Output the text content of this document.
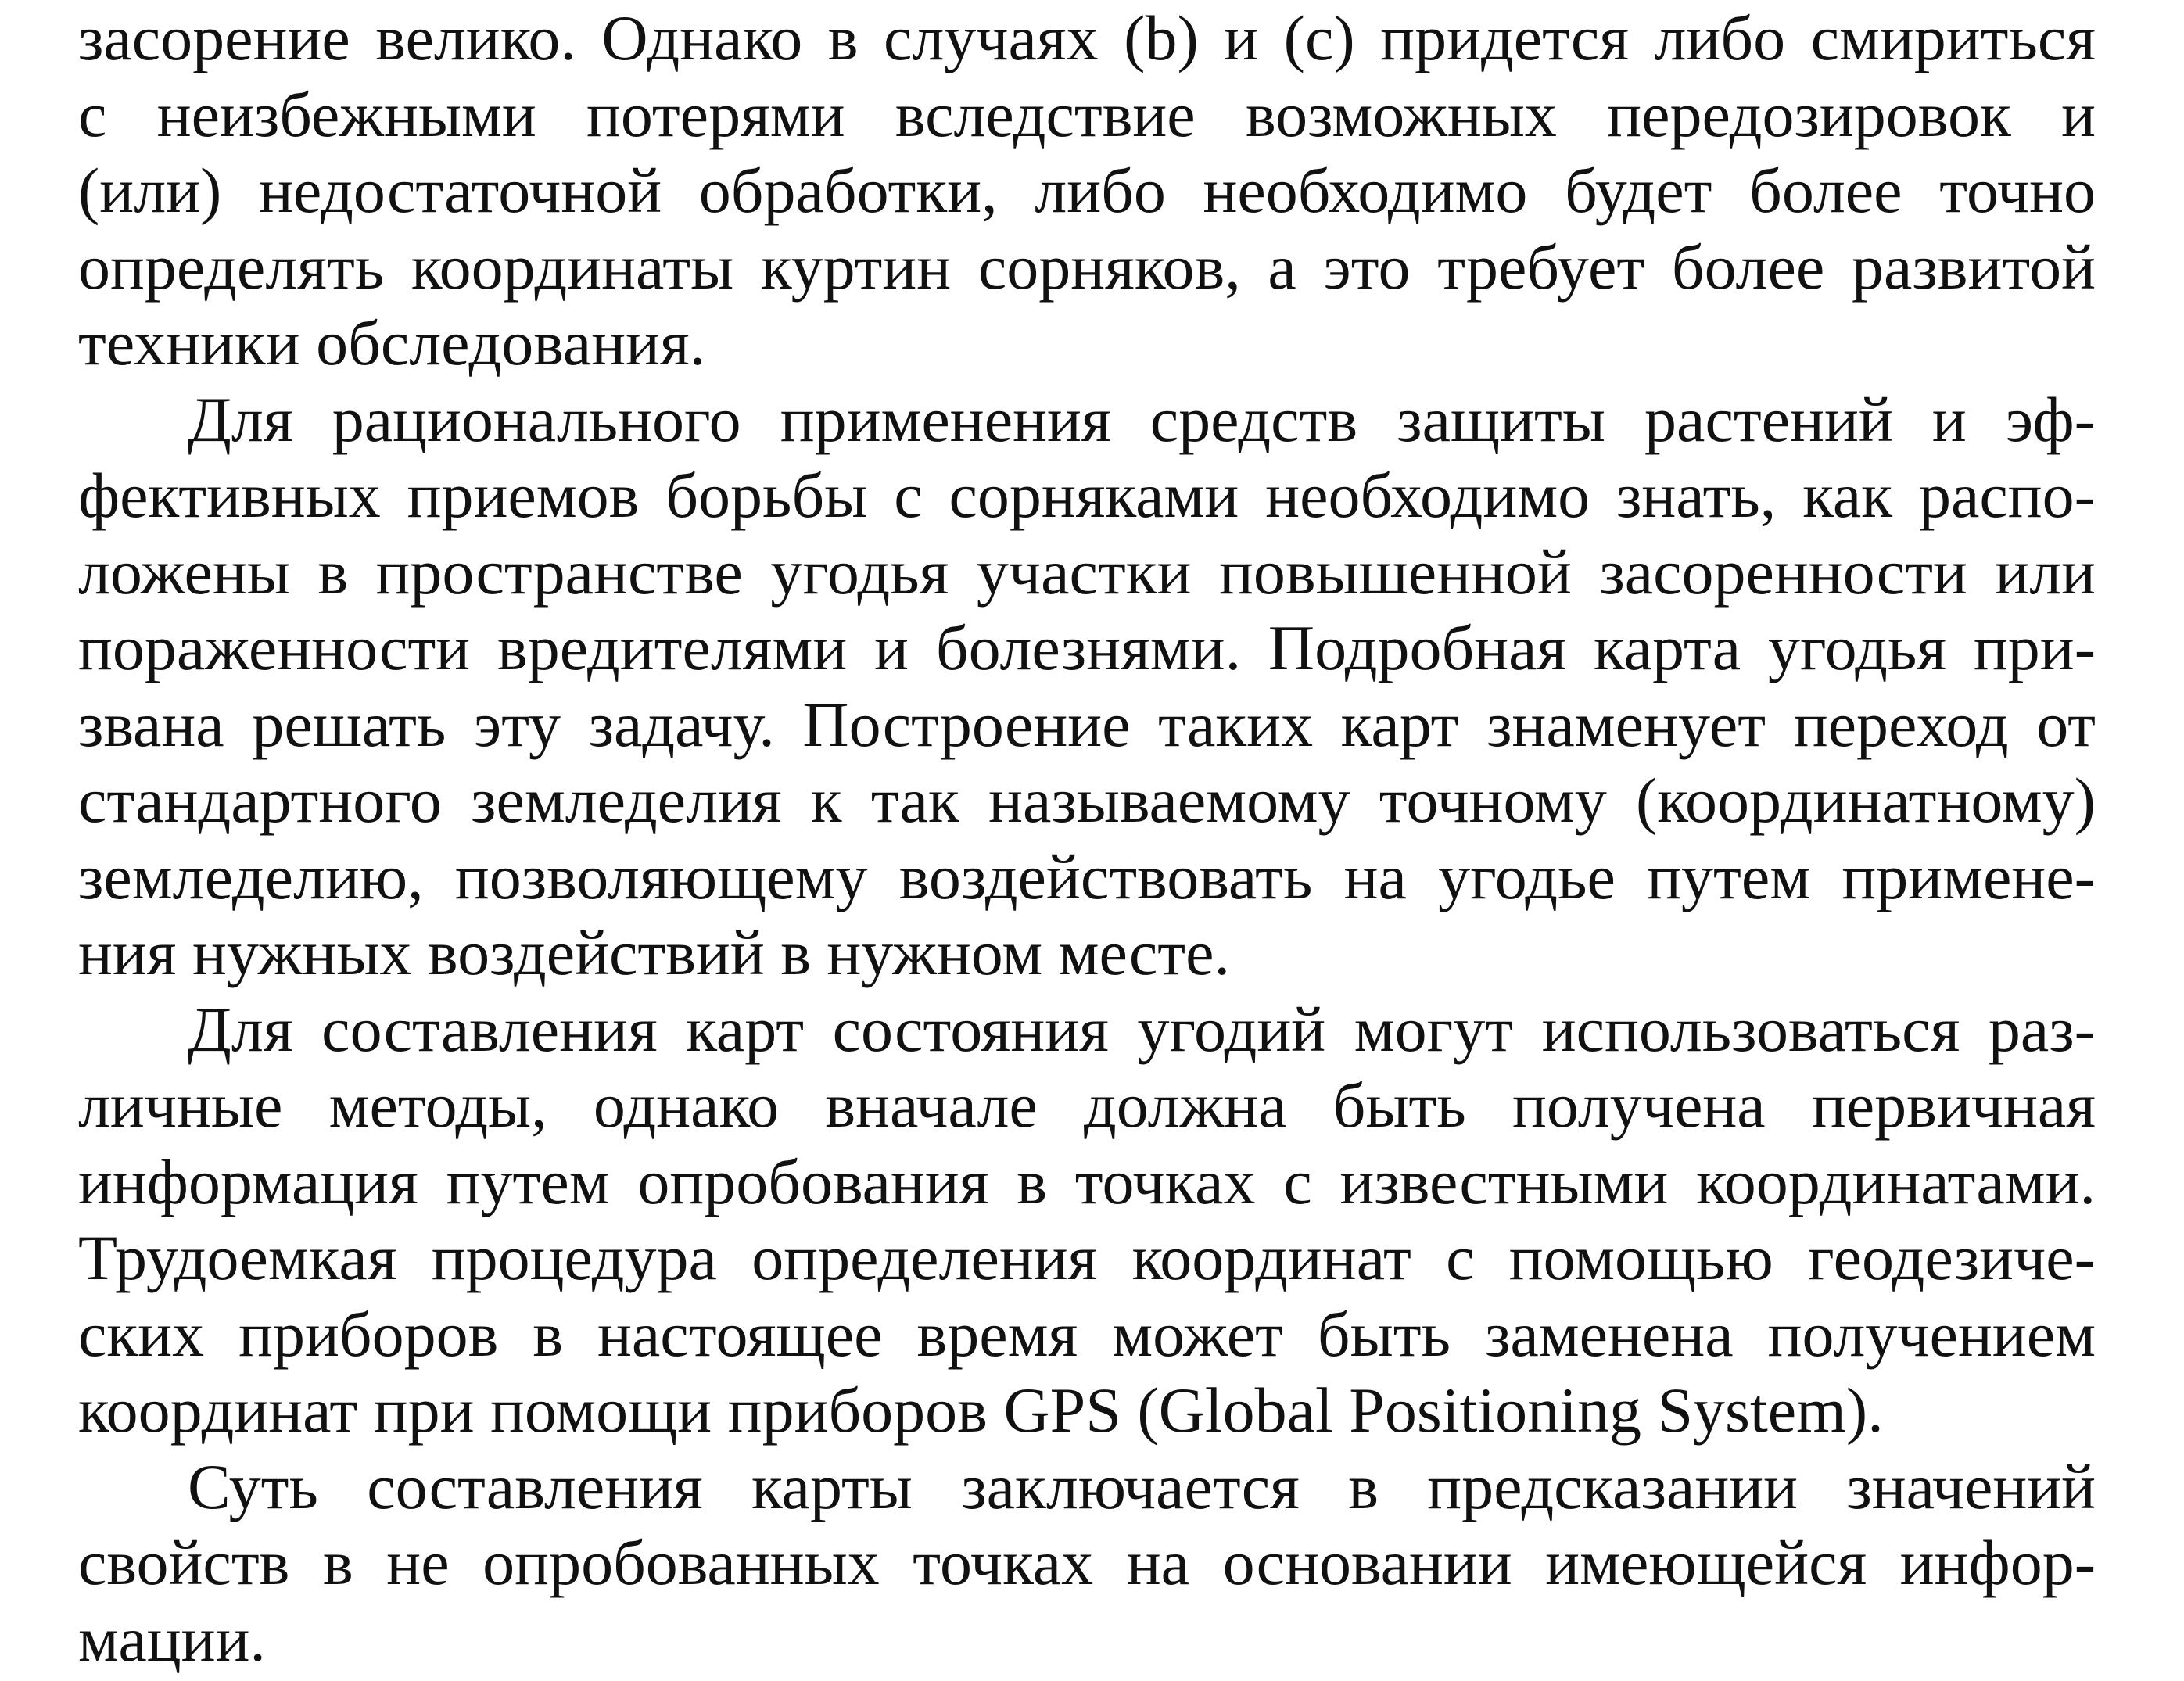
засорение велико. Однако в случаях (b) и (c) придется либо смириться
с неизбежными потерями вследствие возможных передозировок и
(или) недостаточной обработки, либо необходимо будет более точно
определять координаты куртин сорняков, а это требует более развитой
техники обследования.

Для рационального применения средств защиты растений и эф-
фективных приемов борьбы с сорняками необходимо знать, как распо-
ложены в пространстве угодья участки повышенной засоренности или
пораженности вредителями и болезнями. Подробная карта угодья при-
звана решать эту задачу. Построение таких карт знаменует переход от
стандартного земледелия к так называемому точному (координатному)
земледелию, позволяющему воздействовать на угодье путем примене-
ния нужных воздействий в нужном месте.

Для составления карт состояния угодий могут использоваться раз-
личные методы, однако вначале должна быть получена первичная
информация путем опробования в точках с известными координатами.
Трудоемкая процедура определения координат с помощью геодезиче-
ских приборов в настоящее время может быть заменена получением
координат при помощи приборов GPS (Global Positioning System).

Суть составления карты заключается в предсказании значений
свойств в не опробованных точках на основании имеющейся инфор-
мации.
